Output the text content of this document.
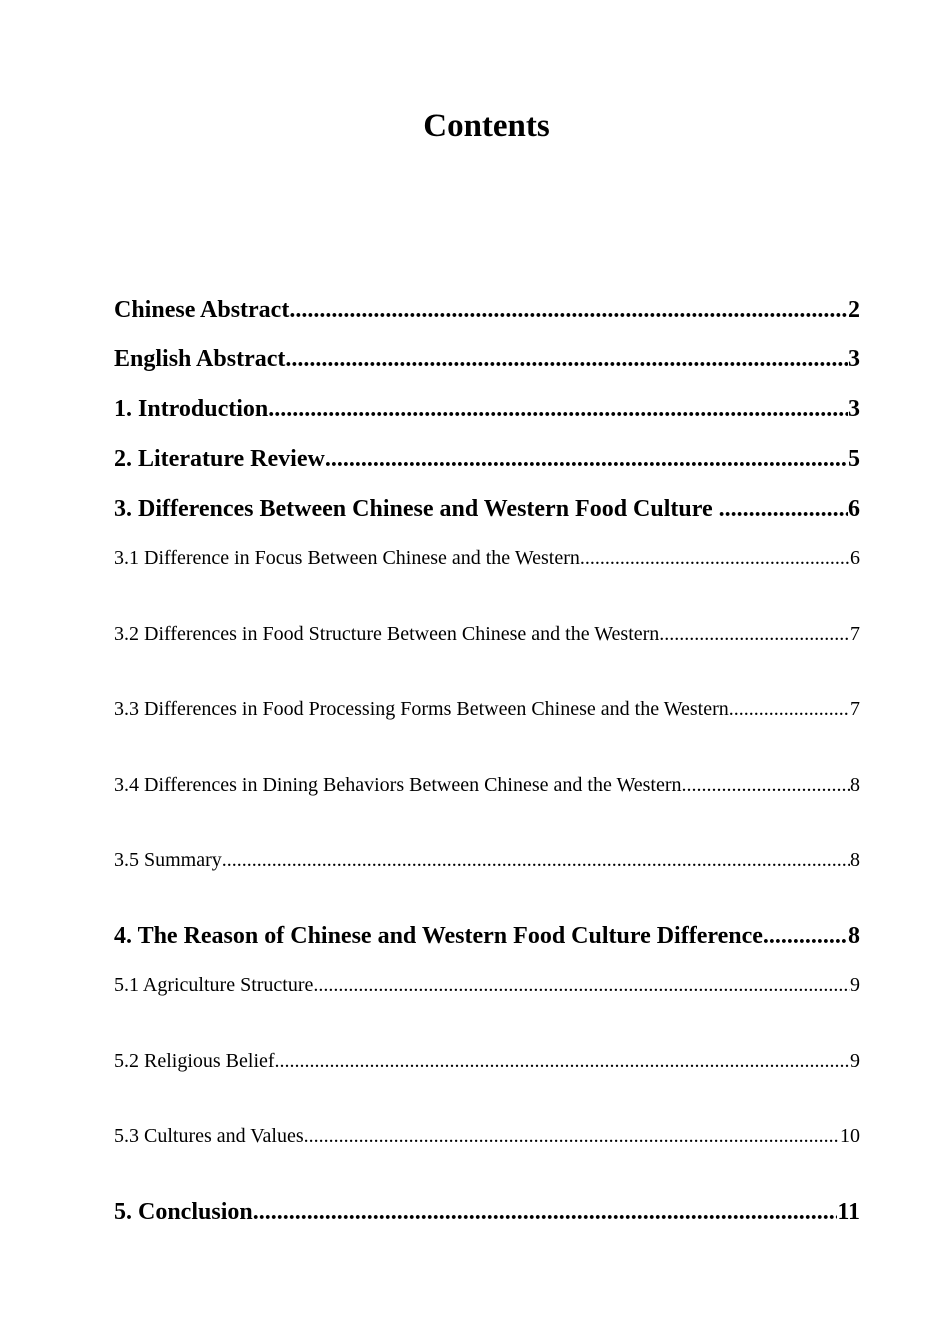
Contents
Chinese Abstract .....	2
English Abstract .....	3
1. Introduction .....	3
2. Literature Review .....	5
3. Differences Between Chinese and Western Food Culture .....	6
3.1 Difference in Focus Between Chinese and the Western .....	6
3.2 Differences in Food Structure Between Chinese and the Western .....	7
3.3 Differences in Food Processing Forms Between Chinese and the Western .....	7
3.4 Differences in Dining Behaviors Between Chinese and the Western .....	8
3.5 Summary .....	8
4. The Reason of Chinese and Western Food Culture Difference .....	8
5.1 Agriculture Structure .....	9
5.2 Religious Belief .....	9
5.3 Cultures and Values .....	10
5. Conclusion .....	11
